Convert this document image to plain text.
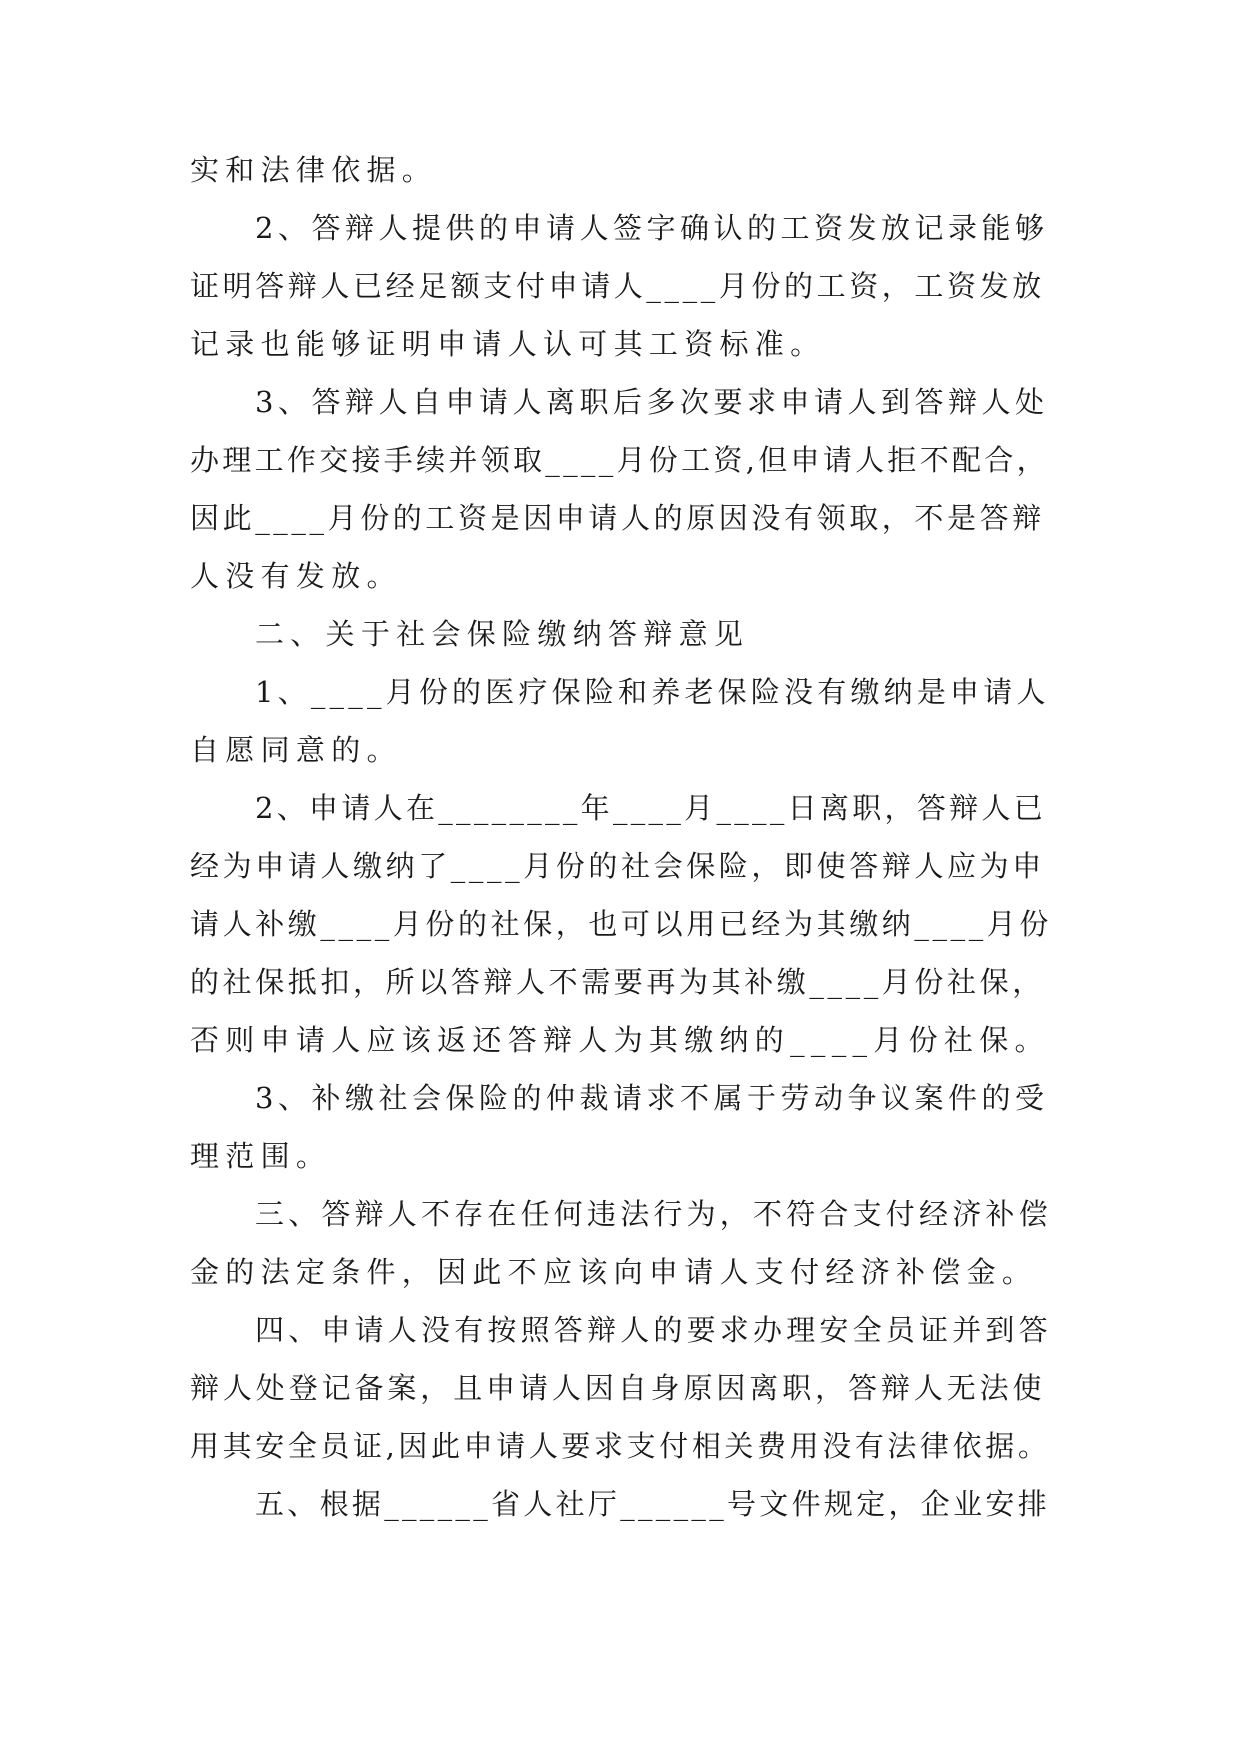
实和法律依据。
2、答辩人提供的申请人签字确认的工资发放记录能够
证明答辩人已经足额支付申请人____月份的工资，工资发放
记录也能够证明申请人认可其工资标准。
3、答辩人自申请人离职后多次要求申请人到答辩人处
办理工作交接手续并领取____月份工资,但申请人拒不配合，
因此____月份的工资是因申请人的原因没有领取，不是答辩
人没有发放。
二、关于社会保险缴纳答辩意见
1、____月份的医疗保险和养老保险没有缴纳是申请人
自愿同意的。
2、申请人在________年____月____日离职，答辩人已
经为申请人缴纳了____月份的社会保险，即使答辩人应为申
请人补缴____月份的社保，也可以用已经为其缴纳____月份
的社保抵扣，所以答辩人不需要再为其补缴____月份社保，
否则申请人应该返还答辩人为其缴纳的____月份社保。
3、补缴社会保险的仲裁请求不属于劳动争议案件的受
理范围。
三、答辩人不存在任何违法行为，不符合支付经济补偿
金的法定条件，因此不应该向申请人支付经济补偿金。
四、申请人没有按照答辩人的要求办理安全员证并到答
辩人处登记备案，且申请人因自身原因离职，答辩人无法使
用其安全员证,因此申请人要求支付相关费用没有法律依据。
五、根据______省人社厅______号文件规定，企业安排
